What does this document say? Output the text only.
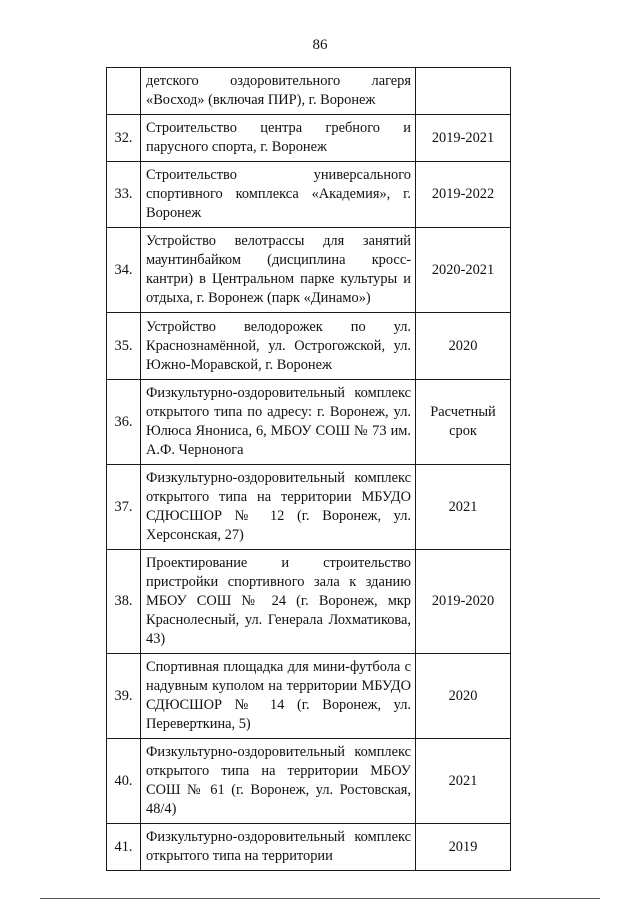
86
	детского оздоровительного лагеря «Восход» (включая ПИР), г. Воронеж	
32.	Строительство центра гребного и парусного спорта, г. Воронеж	2019-2021
33.	Строительство универсального спортивного комплекса «Академия», г. Воронеж	2019-2022
34.	Устройство велотрассы для занятий маунтинбайком (дисциплина кросс-кантри) в Центральном парке культуры и отдыха, г. Воронеж (парк «Динамо»)	2020-2021
35.	Устройство велодорожек по ул. Краснознамённой, ул. Острогожской, ул. Южно-Моравской, г. Воронеж	2020
36.	Физкультурно-оздоровительный комплекс открытого типа по адресу: г. Воронеж, ул. Юлюса Янониса, 6, МБОУ СОШ № 73 им. А.Ф. Чернонога	Расчетный срок
37.	Физкультурно-оздоровительный комплекс открытого типа на территории МБУДО СДЮСШОР № 12 (г. Воронеж, ул. Херсонская, 27)	2021
38.	Проектирование и строительство пристройки спортивного зала к зданию МБОУ СОШ № 24 (г. Воронеж, мкр Краснолесный, ул. Генерала Лохматикова, 43)	2019-2020
39.	Спортивная площадка для мини-футбола с надувным куполом на территории МБУДО СДЮСШОР № 14 (г. Воронеж, ул. Переверткина, 5)	2020
40.	Физкультурно-оздоровительный комплекс открытого типа на территории МБОУ СОШ № 61 (г. Воронеж, ул. Ростовская, 48/4)	2021
41.	Физкультурно-оздоровительный комплекс открытого типа на территории	2019
